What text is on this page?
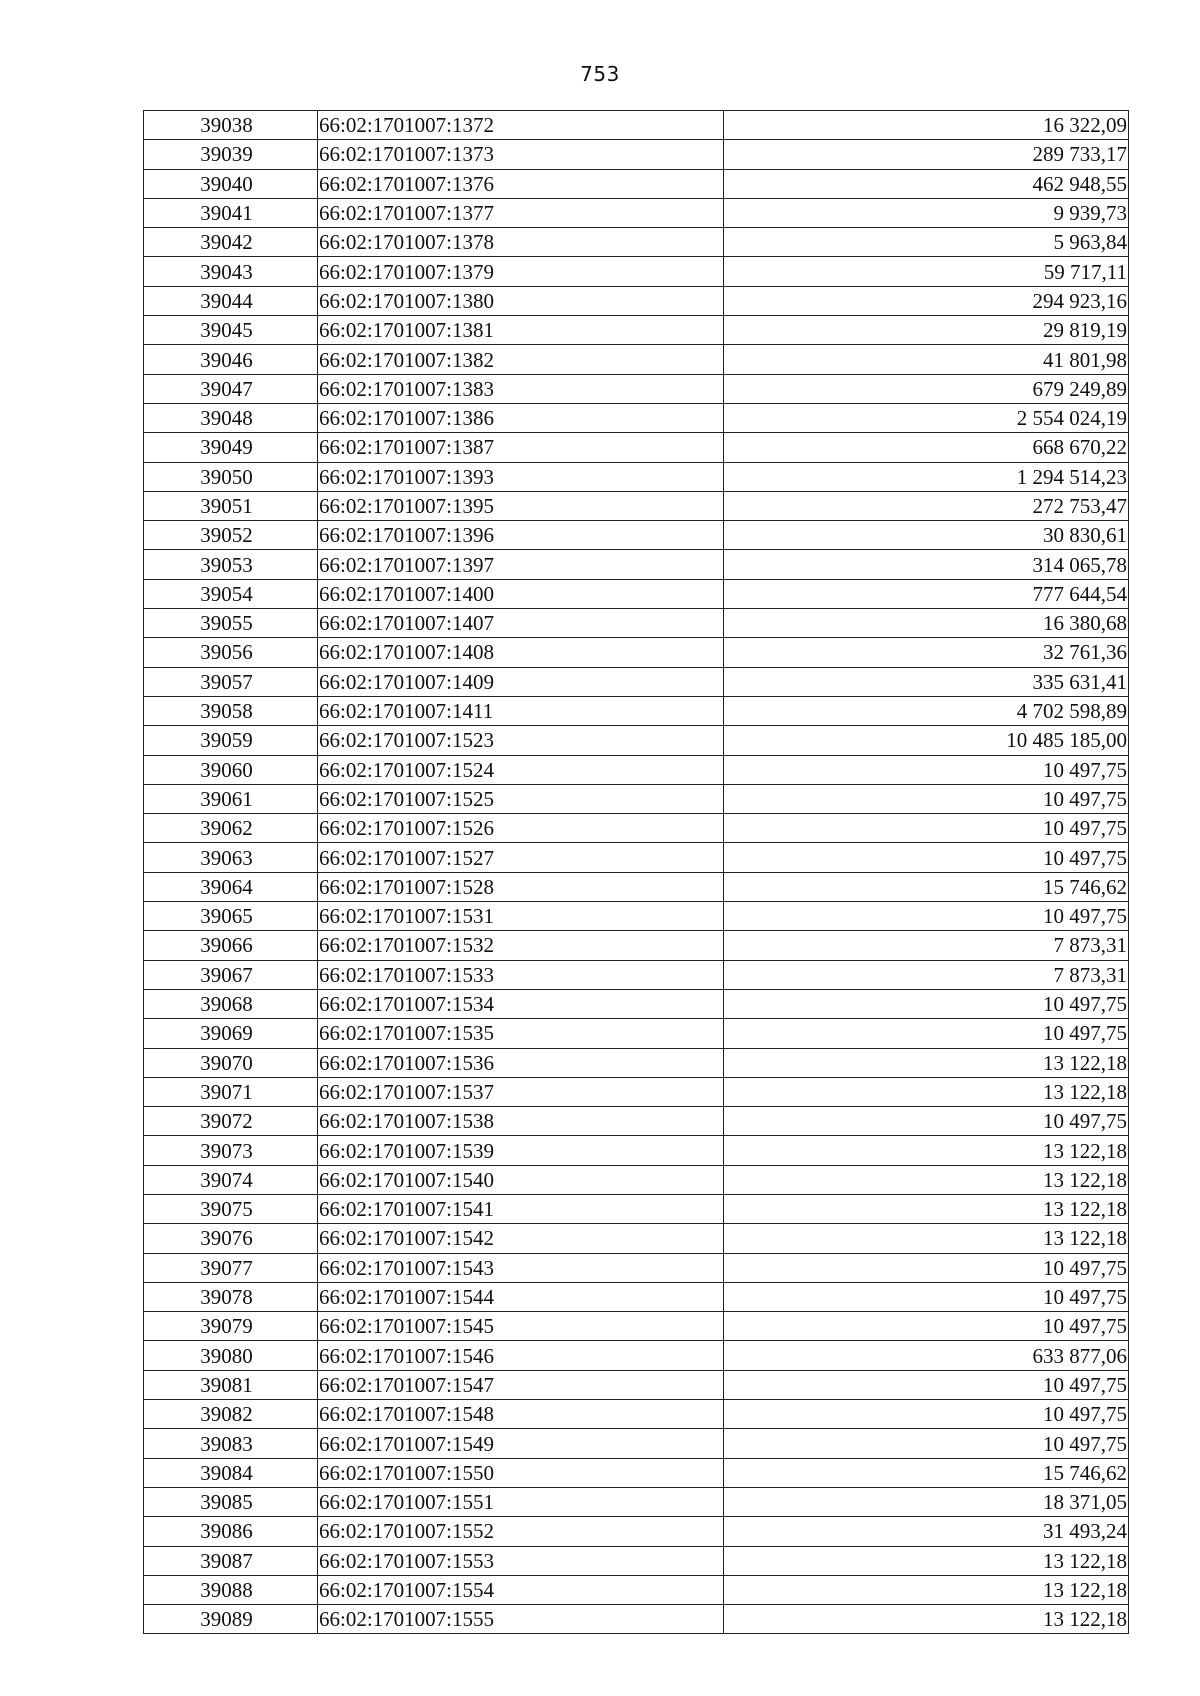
753
39038	66:02:1701007:1372	16 322,09
39039	66:02:1701007:1373	289 733,17
39040	66:02:1701007:1376	462 948,55
39041	66:02:1701007:1377	9 939,73
39042	66:02:1701007:1378	5 963,84
39043	66:02:1701007:1379	59 717,11
39044	66:02:1701007:1380	294 923,16
39045	66:02:1701007:1381	29 819,19
39046	66:02:1701007:1382	41 801,98
39047	66:02:1701007:1383	679 249,89
39048	66:02:1701007:1386	2 554 024,19
39049	66:02:1701007:1387	668 670,22
39050	66:02:1701007:1393	1 294 514,23
39051	66:02:1701007:1395	272 753,47
39052	66:02:1701007:1396	30 830,61
39053	66:02:1701007:1397	314 065,78
39054	66:02:1701007:1400	777 644,54
39055	66:02:1701007:1407	16 380,68
39056	66:02:1701007:1408	32 761,36
39057	66:02:1701007:1409	335 631,41
39058	66:02:1701007:1411	4 702 598,89
39059	66:02:1701007:1523	10 485 185,00
39060	66:02:1701007:1524	10 497,75
39061	66:02:1701007:1525	10 497,75
39062	66:02:1701007:1526	10 497,75
39063	66:02:1701007:1527	10 497,75
39064	66:02:1701007:1528	15 746,62
39065	66:02:1701007:1531	10 497,75
39066	66:02:1701007:1532	7 873,31
39067	66:02:1701007:1533	7 873,31
39068	66:02:1701007:1534	10 497,75
39069	66:02:1701007:1535	10 497,75
39070	66:02:1701007:1536	13 122,18
39071	66:02:1701007:1537	13 122,18
39072	66:02:1701007:1538	10 497,75
39073	66:02:1701007:1539	13 122,18
39074	66:02:1701007:1540	13 122,18
39075	66:02:1701007:1541	13 122,18
39076	66:02:1701007:1542	13 122,18
39077	66:02:1701007:1543	10 497,75
39078	66:02:1701007:1544	10 497,75
39079	66:02:1701007:1545	10 497,75
39080	66:02:1701007:1546	633 877,06
39081	66:02:1701007:1547	10 497,75
39082	66:02:1701007:1548	10 497,75
39083	66:02:1701007:1549	10 497,75
39084	66:02:1701007:1550	15 746,62
39085	66:02:1701007:1551	18 371,05
39086	66:02:1701007:1552	31 493,24
39087	66:02:1701007:1553	13 122,18
39088	66:02:1701007:1554	13 122,18
39089	66:02:1701007:1555	13 122,18
